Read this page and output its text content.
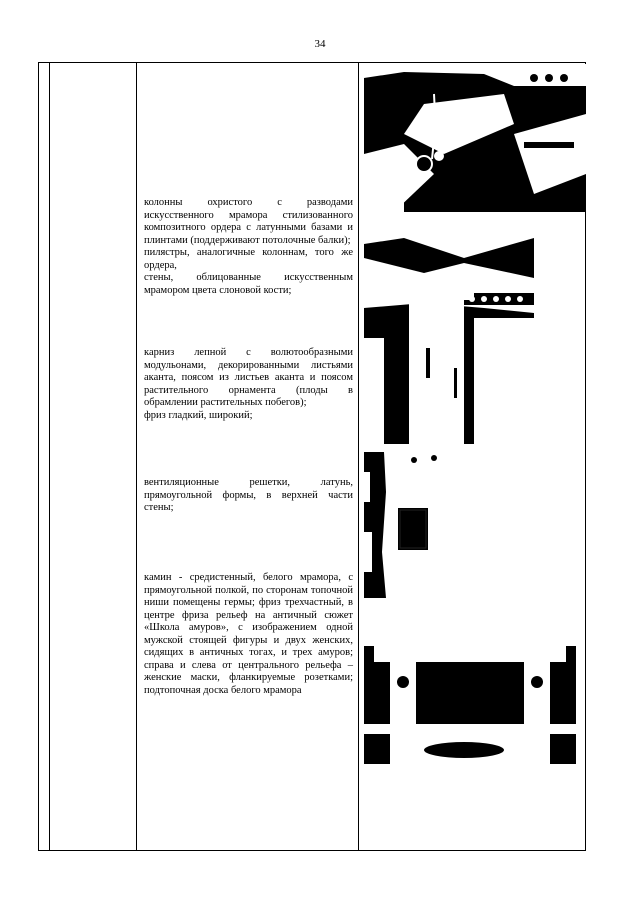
34

колонны охристого с разводами искусственного мрамора стилизованного композитного ордера с латунными базами и плинтами (поддерживают потолочные балки);

пилястры, аналогичные колоннам, того же ордера,

стены, облицованные искусственным мрамором цвета слоновой кости;

карниз лепной с волютообразными модульонами, декорированными листьями аканта, поясом из листьев аканта и поясом растительного орнамента (плоды в обрамлении растительных побегов);

фриз гладкий, широкий;

вентиляционные решетки, латунь, прямоугольной формы, в верхней части стены;

камин - средистенный, белого мрамора, с прямоугольной полкой, по сторонам топочной ниши помещены гермы; фриз трехчастный, в центре фриза рельеф на античный сюжет «Школа амуров», с изображением одной мужской стоящей фигуры и двух женских, сидящих в античных тогах, и трех амуров; справа и слева от центрального рельефа – женские маски, фланкируемые розетками; подтопочная доска белого мрамора
